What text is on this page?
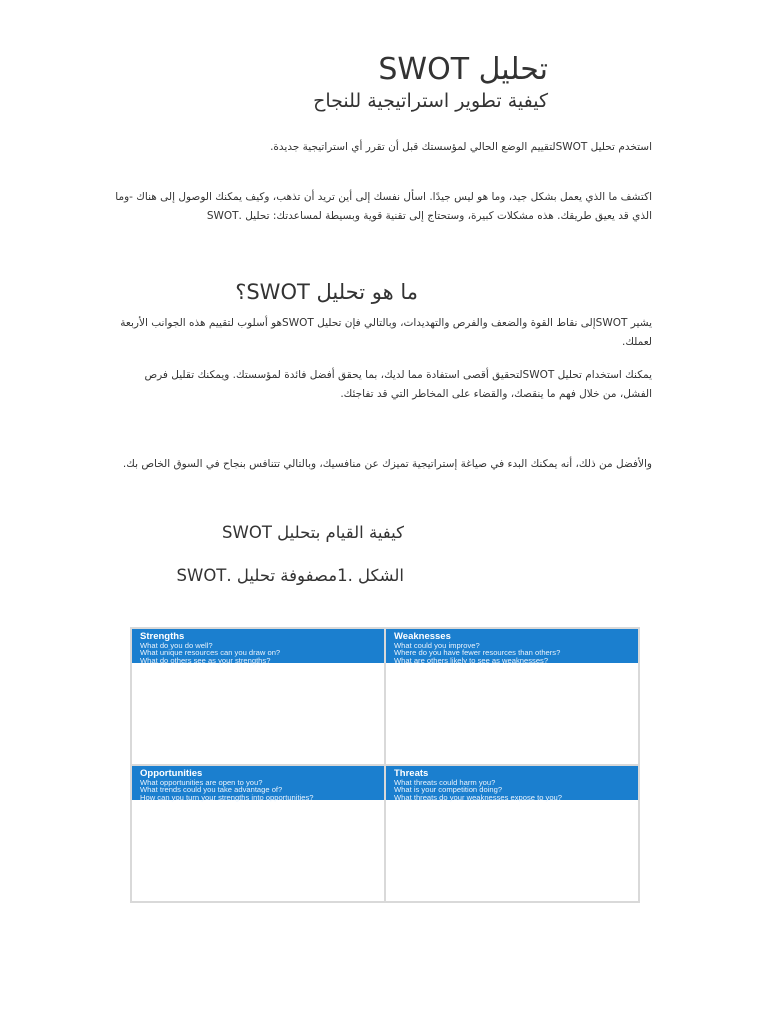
تحليل SWOT
كيفية تطوير استراتيجية للنجاح
استخدم تحليل SWOTلتقييم الوضع الحالي لمؤسستك قبل أن تقرر أي استراتيجية جديدة.
اكتشف ما الذي يعمل بشكل جيد، وما هو ليس جيدًا. اسأل نفسك إلى أين تريد أن تذهب، وكيف يمكنك الوصول إلى هناك -وما الذي قد يعيق طريقك. هذه مشكلات كبيرة، وستحتاج إلى تقنية قوية وبسيطة لمساعدتك: تحليل .SWOT
ما هو تحليل SWOT؟
يشير SWOTإلى نقاط القوة والضعف والفرص والتهديدات، وبالتالي فإن تحليل SWOTهو أسلوب لتقييم هذه الجوانب الأربعة لعملك.
يمكنك استخدام تحليل SWOTلتحقيق أقصى استفادة مما لديك، بما يحقق أفضل فائدة لمؤسستك. ويمكنك تقليل فرص الفشل، من خلال فهم ما ينقصك، والقضاء على المخاطر التي قد تفاجئك.
والأفضل من ذلك، أنه يمكنك البدء في صياغة إستراتيجية تميزك عن منافسيك، وبالتالي تتنافس بنجاح في السوق الخاص بك.
كيفية القيام بتحليل SWOT
الشكل .1مصفوفة تحليل .SWOT
Strengths
What do you do well?
What unique resources can you draw on?
What do others see as your strengths?
Weaknesses
What could you improve?
Where do you have fewer resources than others?
What are others likely to see as weaknesses?
Opportunities
What opportunities are open to you?
What trends could you take advantage of?
How can you turn your strengths into opportunities?
Threats
What threats could harm you?
What is your competition doing?
What threats do your weaknesses expose to you?
